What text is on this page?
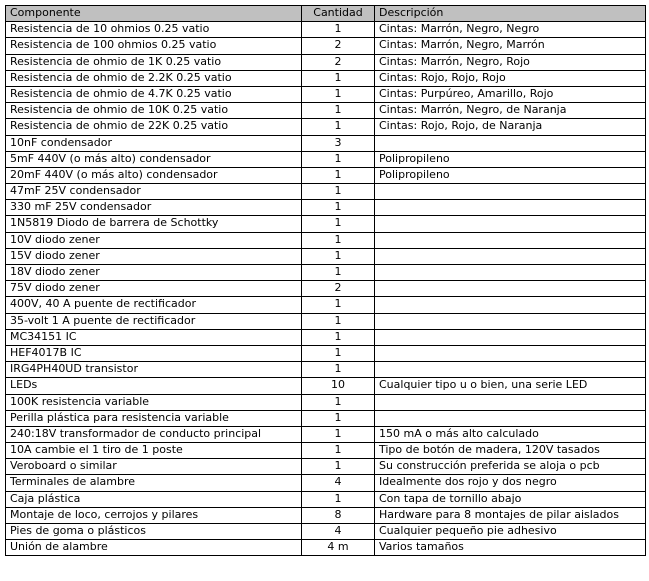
Componente	Cantidad	Descripción
Resistencia de 10 ohmios 0.25 vatio	1	Cintas: Marrón, Negro, Negro
Resistencia de 100 ohmios 0.25 vatio	2	Cintas: Marrón, Negro, Marrón
Resistencia de ohmio de 1K 0.25 vatio	2	Cintas: Marrón, Negro, Rojo
Resistencia de ohmio de 2.2K 0.25 vatio	1	Cintas: Rojo, Rojo, Rojo
Resistencia de ohmio de 4.7K 0.25 vatio	1	Cintas: Purpúreo, Amarillo, Rojo
Resistencia de ohmio de 10K 0.25 vatio	1	Cintas: Marrón, Negro, de Naranja
Resistencia de ohmio de 22K 0.25 vatio	1	Cintas: Rojo, Rojo, de Naranja
10nF condensador	3	
5mF 440V (o más alto) condensador	1	Polipropileno
20mF 440V (o más alto) condensador	1	Polipropileno
47mF 25V condensador	1	
330 mF 25V condensador	1	
1N5819 Diodo de barrera de Schottky	1	
10V diodo zener	1	
15V diodo zener	1	
18V diodo zener	1	
75V diodo zener	2	
400V, 40 A puente de rectificador	1	
35-volt 1 A puente de rectificador	1	
MC34151 IC	1	
HEF4017B IC	1	
IRG4PH40UD transistor	1	
LEDs	10	Cualquier tipo u o bien, una serie LED
100K resistencia variable	1	
Perilla plástica para resistencia variable	1	
240:18V transformador de conducto principal	1	150 mA o más alto calculado
10A cambie el 1 tiro de 1 poste	1	Tipo de botón de madera, 120V tasados
Veroboard o similar	1	Su construcción preferida se aloja o pcb
Terminales de alambre	4	Idealmente dos rojo y dos negro
Caja plástica	1	Con tapa de tornillo abajo
Montaje de loco, cerrojos y pilares	8	Hardware para 8 montajes de pilar aislados
Pies de goma o plásticos	4	Cualquier pequeño pie adhesivo
Unión de alambre	4 m	Varios tamaños
